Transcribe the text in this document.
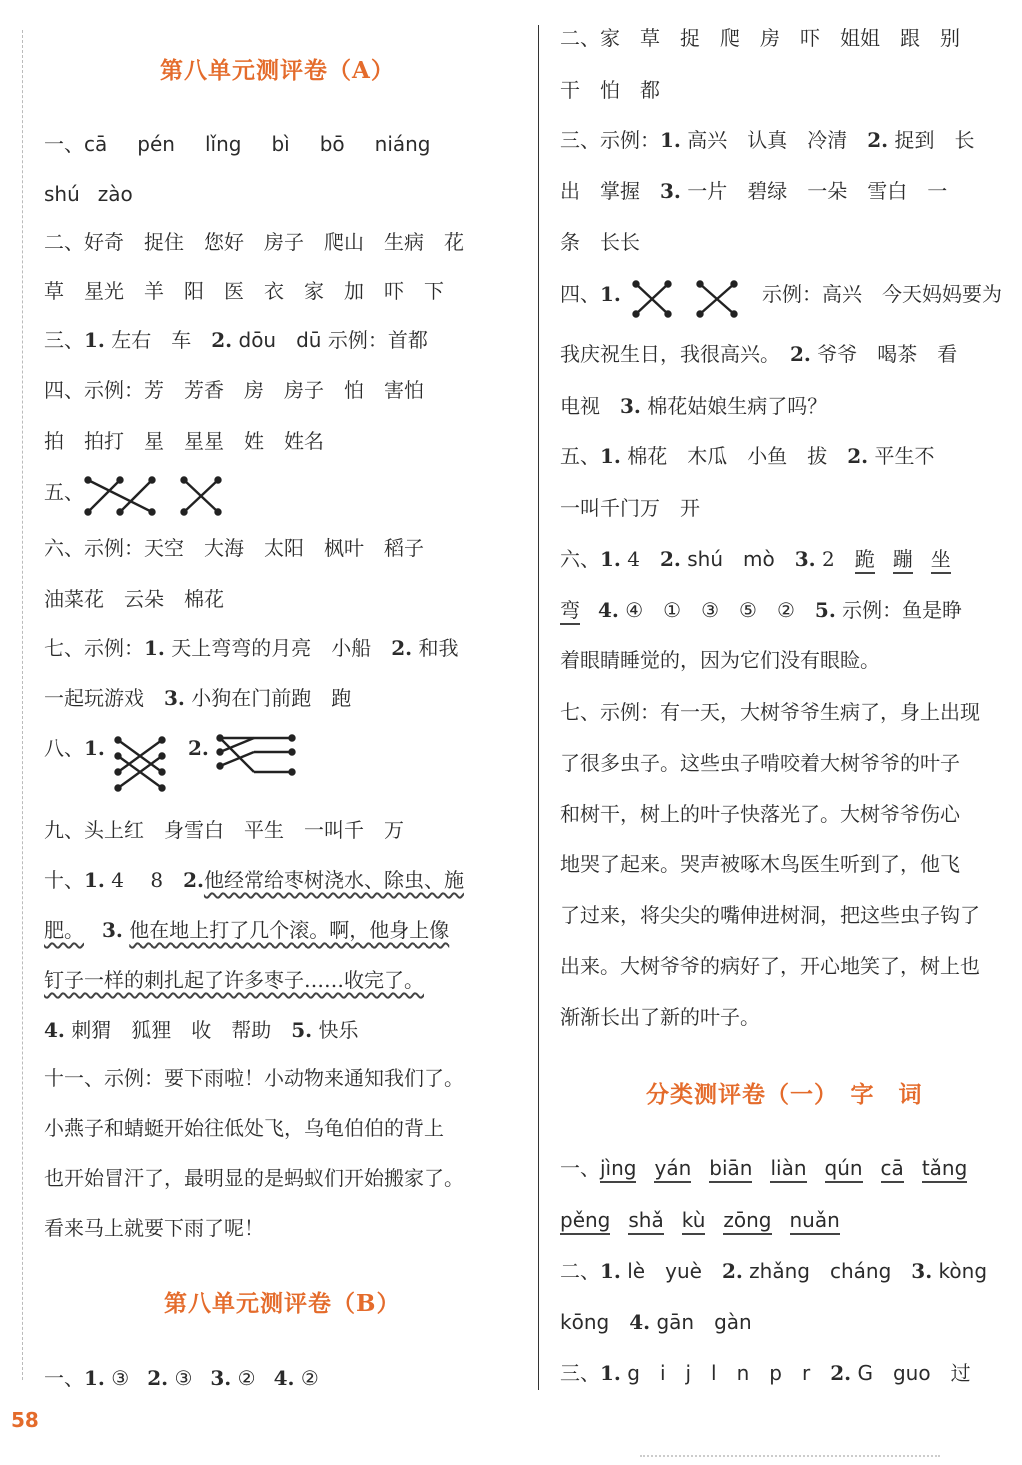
第八单元测评卷（A）
一、cā pén lǐng bì bō niáng
shú zào
二、好奇　捉住　您好　房子　爬山　生病　花
草　星光　羊　阳　医　衣　家　加　吓　下
三、1. 左右　车　2. dōu　dū 示例：首都
四、示例：芳　芳香　房　房子　怕　害怕
拍　拍打　星　星星　姓　姓名
五、
六、示例：天空　大海　太阳　枫叶　稻子
油菜花　云朵　棉花
七、示例：1. 天上弯弯的月亮　小船　2. 和我
一起玩游戏　3. 小狗在门前跑　跑
八、1.	2.
九、头上红　身雪白　平生　一叫千　万
十、1. 4　 8　2.他经常给枣树浇水、除虫、施
肥。 3. 他在地上打了几个滚。啊，他身上像
钉子一样的刺扎起了许多枣子……收完了。
4. 刺猬　狐狸　收　帮助　5. 快乐
十一、示例：要下雨啦！小动物来通知我们了。
小燕子和蜻蜓开始往低处飞，乌龟伯伯的背上
也开始冒汗了，最明显的是蚂蚁们开始搬家了。
看来马上就要下雨了呢！
第八单元测评卷（B）
一、1. ③ 2. ③ 3. ② 4. ②
二、家　草　捉　爬　房　吓　姐姐　跟　别
干　怕　都
三、示例：1. 高兴　认真　冷清　2. 捉到　长
出　掌握　3. 一片　碧绿　一朵　雪白　一
条　长长
四、1.	示例：高兴　今天妈妈要为
我庆祝生日，我很高兴。　2. 爷爷　喝茶　看
电视　3. 棉花姑娘生病了吗？
五、1. 棉花　木瓜　小鱼　拔　2. 平生不
一叫千门万　开
六、1. 4　2. shú　mò　3. 2　跪 蹦 坐
弯 4. ④　①　③　⑤　②　5. 示例：鱼是睁
着眼睛睡觉的，因为它们没有眼睑。
七、示例：有一天，大树爷爷生病了，身上出现
了很多虫子。这些虫子啃咬着大树爷爷的叶子
和树干，树上的叶子快落光了。大树爷爷伤心
地哭了起来。哭声被啄木鸟医生听到了，他飞
了过来，将尖尖的嘴伸进树洞，把这些虫子钩了
出来。大树爷爷的病好了，开心地笑了，树上也
渐渐长出了新的叶子。
分类测评卷（一）　字　词
一、jìng yán biān liàn qún cā tǎng
pěng shǎ kù zōng nuǎn
二、1. lè　yuè　2. zhǎng　cháng　3. kòng
kōng　4. gān　gàn
三、1. g　i　j　l　n　p　r　2. G　guo　过
58
